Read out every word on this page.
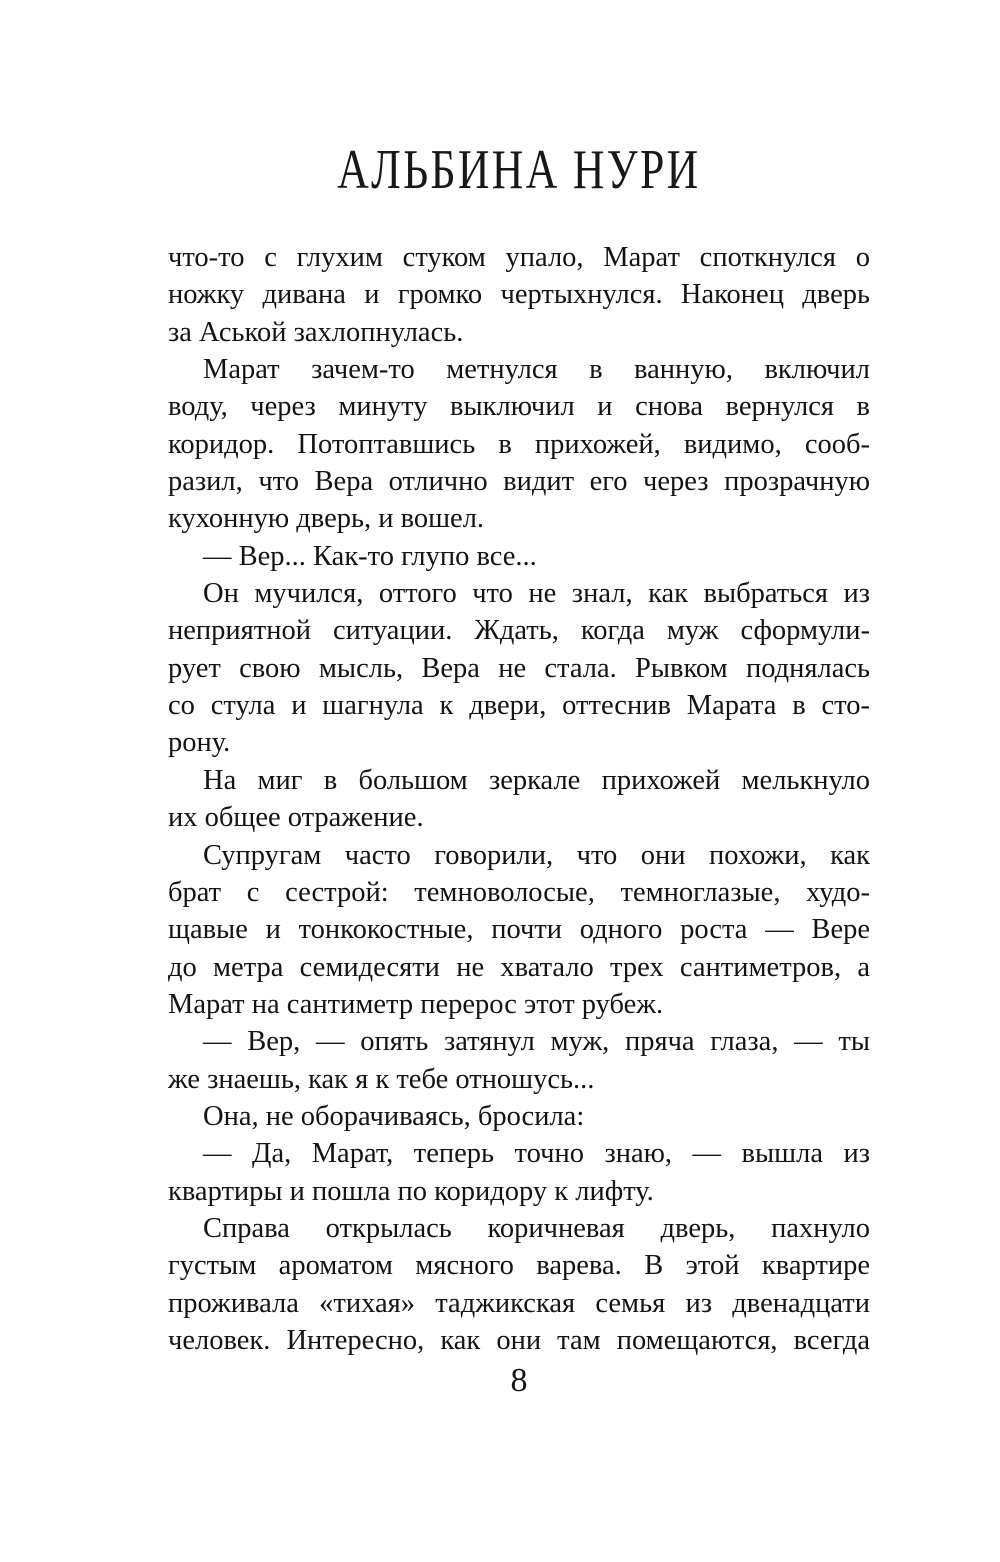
АЛЬБИНА НУРИ
что-то с глухим стуком упало, Марат споткнулся о
ножку дивана и громко чертыхнулся. Наконец дверь
за Аськой захлопнулась.
Марат зачем-то метнулся в ванную, включил
воду, через минуту выключил и снова вернулся в
коридор. Потоптавшись в прихожей, видимо, сооб-
разил, что Вера отлично видит его через прозрачную
кухонную дверь, и вошел.
— Вер... Как-то глупо все...
Он мучился, оттого что не знал, как выбраться из
неприятной ситуации. Ждать, когда муж сформули-
рует свою мысль, Вера не стала. Рывком поднялась
со стула и шагнула к двери, оттеснив Марата в сто-
рону.
На миг в большом зеркале прихожей мелькнуло
их общее отражение.
Супругам часто говорили, что они похожи, как
брат с сестрой: темноволосые, темноглазые, худо-
щавые и тонкокостные, почти одного роста — Вере
до метра семидесяти не хватало трех сантиметров, а
Марат на сантиметр перерос этот рубеж.
— Вер, — опять затянул муж, пряча глаза, — ты
же знаешь, как я к тебе отношусь...
Она, не оборачиваясь, бросила:
— Да, Марат, теперь точно знаю, — вышла из
квартиры и пошла по коридору к лифту.
Справа открылась коричневая дверь, пахнуло
густым ароматом мясного варева. В этой квартире
проживала «тихая» таджикская семья из двенадцати
человек. Интересно, как они там помещаются, всегда
8
